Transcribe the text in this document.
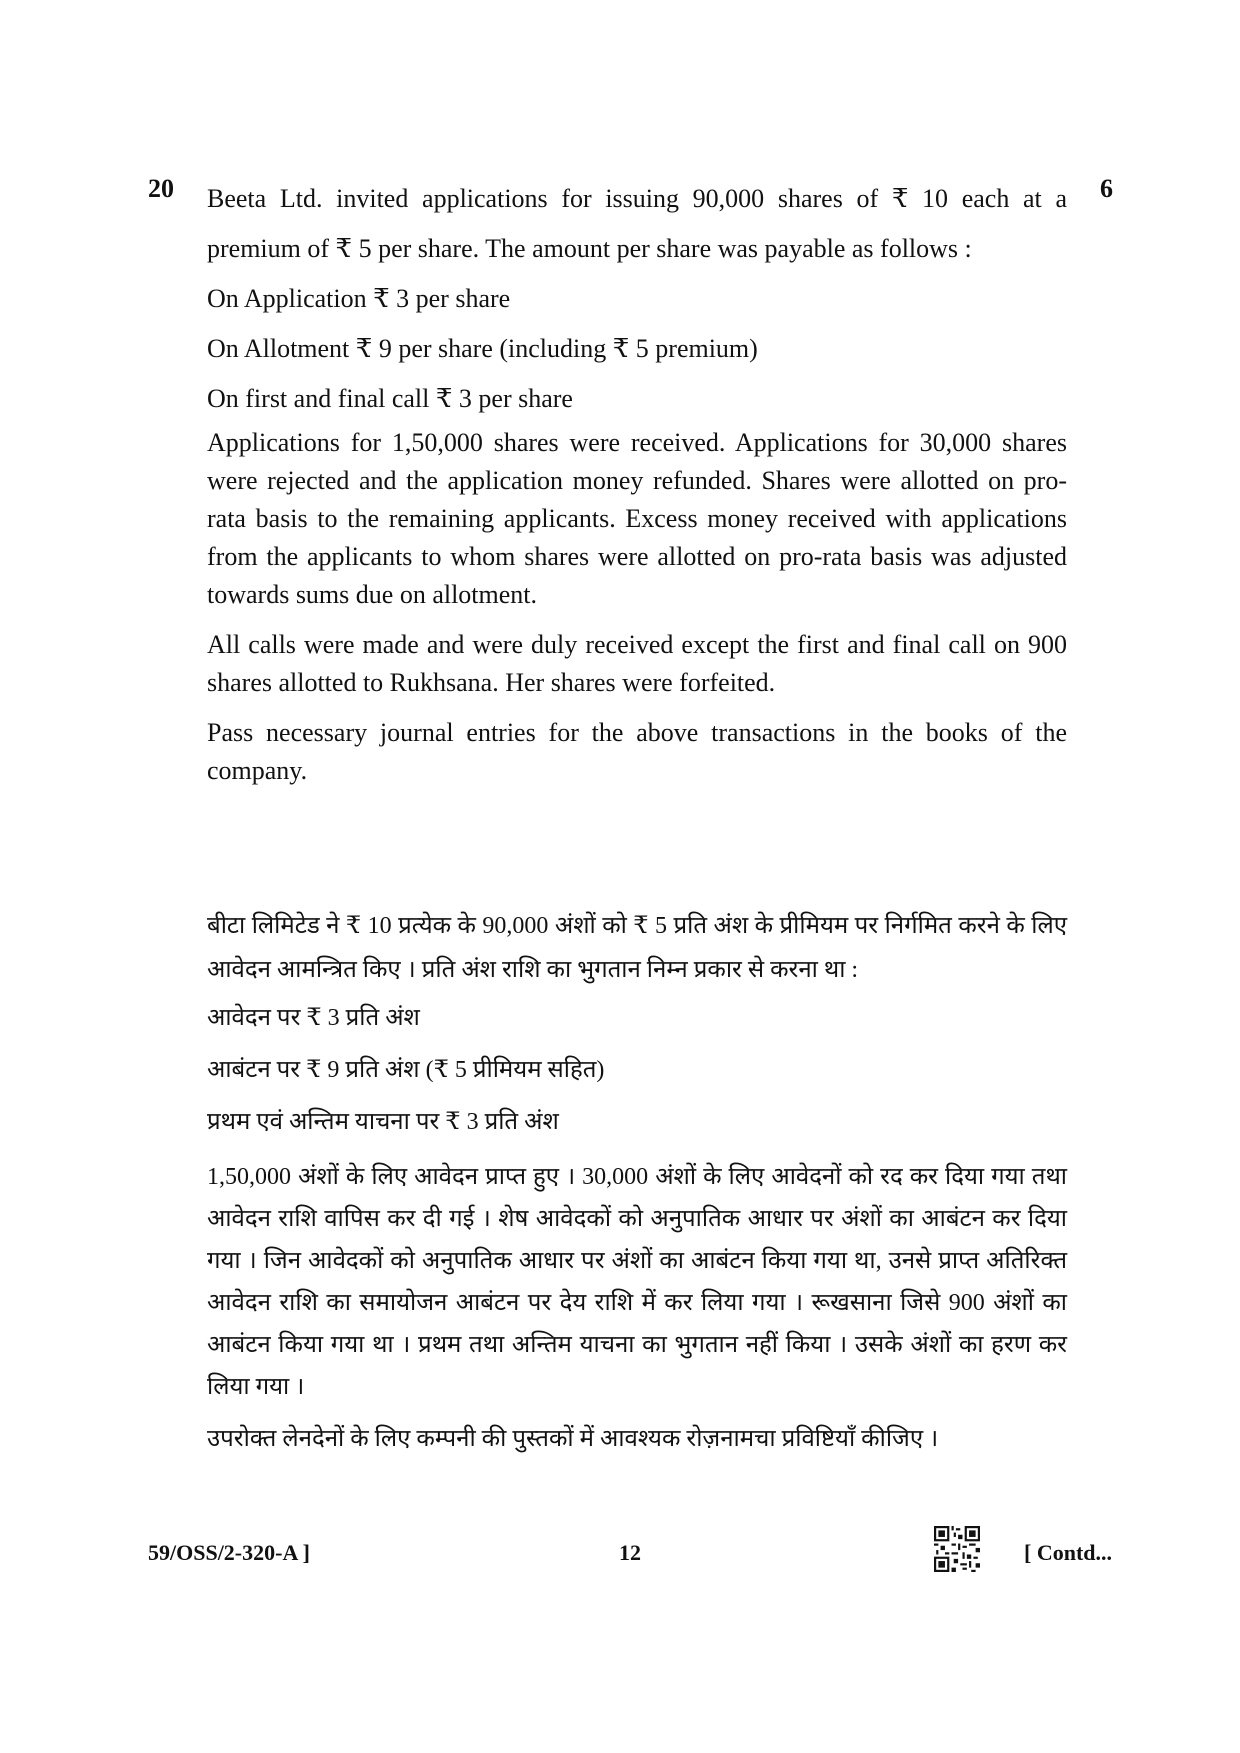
20	6

Beeta Ltd. invited applications for issuing 90,000 shares of ₹ 10 each at a premium of ₹ 5 per share. The amount per share was payable as follows :

On Application ₹ 3 per share

On Allotment ₹ 9 per share (including ₹ 5 premium)

On first and final call ₹ 3 per share

Applications for 1,50,000 shares were received. Applications for 30,000 shares were rejected and the application money refunded. Shares were allotted on pro-rata basis to the remaining applicants. Excess money received with applications from the applicants to whom shares were allotted on pro-rata basis was adjusted towards sums due on allotment.

All calls were made and were duly received except the first and final call on 900 shares allotted to Rukhsana. Her shares were forfeited.

Pass necessary journal entries for the above transactions in the books of the company.

बीटा लिमिटेड ने ₹ 10 प्रत्येक के 90,000 अंशों को ₹ 5 प्रति अंश के प्रीमियम पर निर्गमित करने के लिए आवेदन आमन्त्रित किए । प्रति अंश राशि का भुगतान निम्न प्रकार से करना था :

आवेदन पर ₹ 3 प्रति अंश

आबंटन पर ₹ 9 प्रति अंश (₹ 5 प्रीमियम सहित)

प्रथम एवं अन्तिम याचना पर ₹ 3 प्रति अंश

1,50,000 अंशों के लिए आवेदन प्राप्त हुए । 30,000 अंशों के लिए आवेदनों को रद कर दिया गया तथा आवेदन राशि वापिस कर दी गई । शेष आवेदकों को अनुपातिक आधार पर अंशों का आबंटन कर दिया गया । जिन आवेदकों को अनुपातिक आधार पर अंशों का आबंटन किया गया था, उनसे प्राप्त अतिरिक्त आवेदन राशि का समायोजन आबंटन पर देय राशि में कर लिया गया । रूखसाना जिसे 900 अंशों का आबंटन किया गया था । प्रथम तथा अन्तिम याचना का भुगतान नहीं किया । उसके अंशों का हरण कर लिया गया ।

उपरोक्त लेनदेनों के लिए कम्पनी की पुस्तकों में आवश्यक रोज़नामचा प्रविष्टियाँ कीजिए ।

59/OSS/2-320-A ]	12	[ Contd...
